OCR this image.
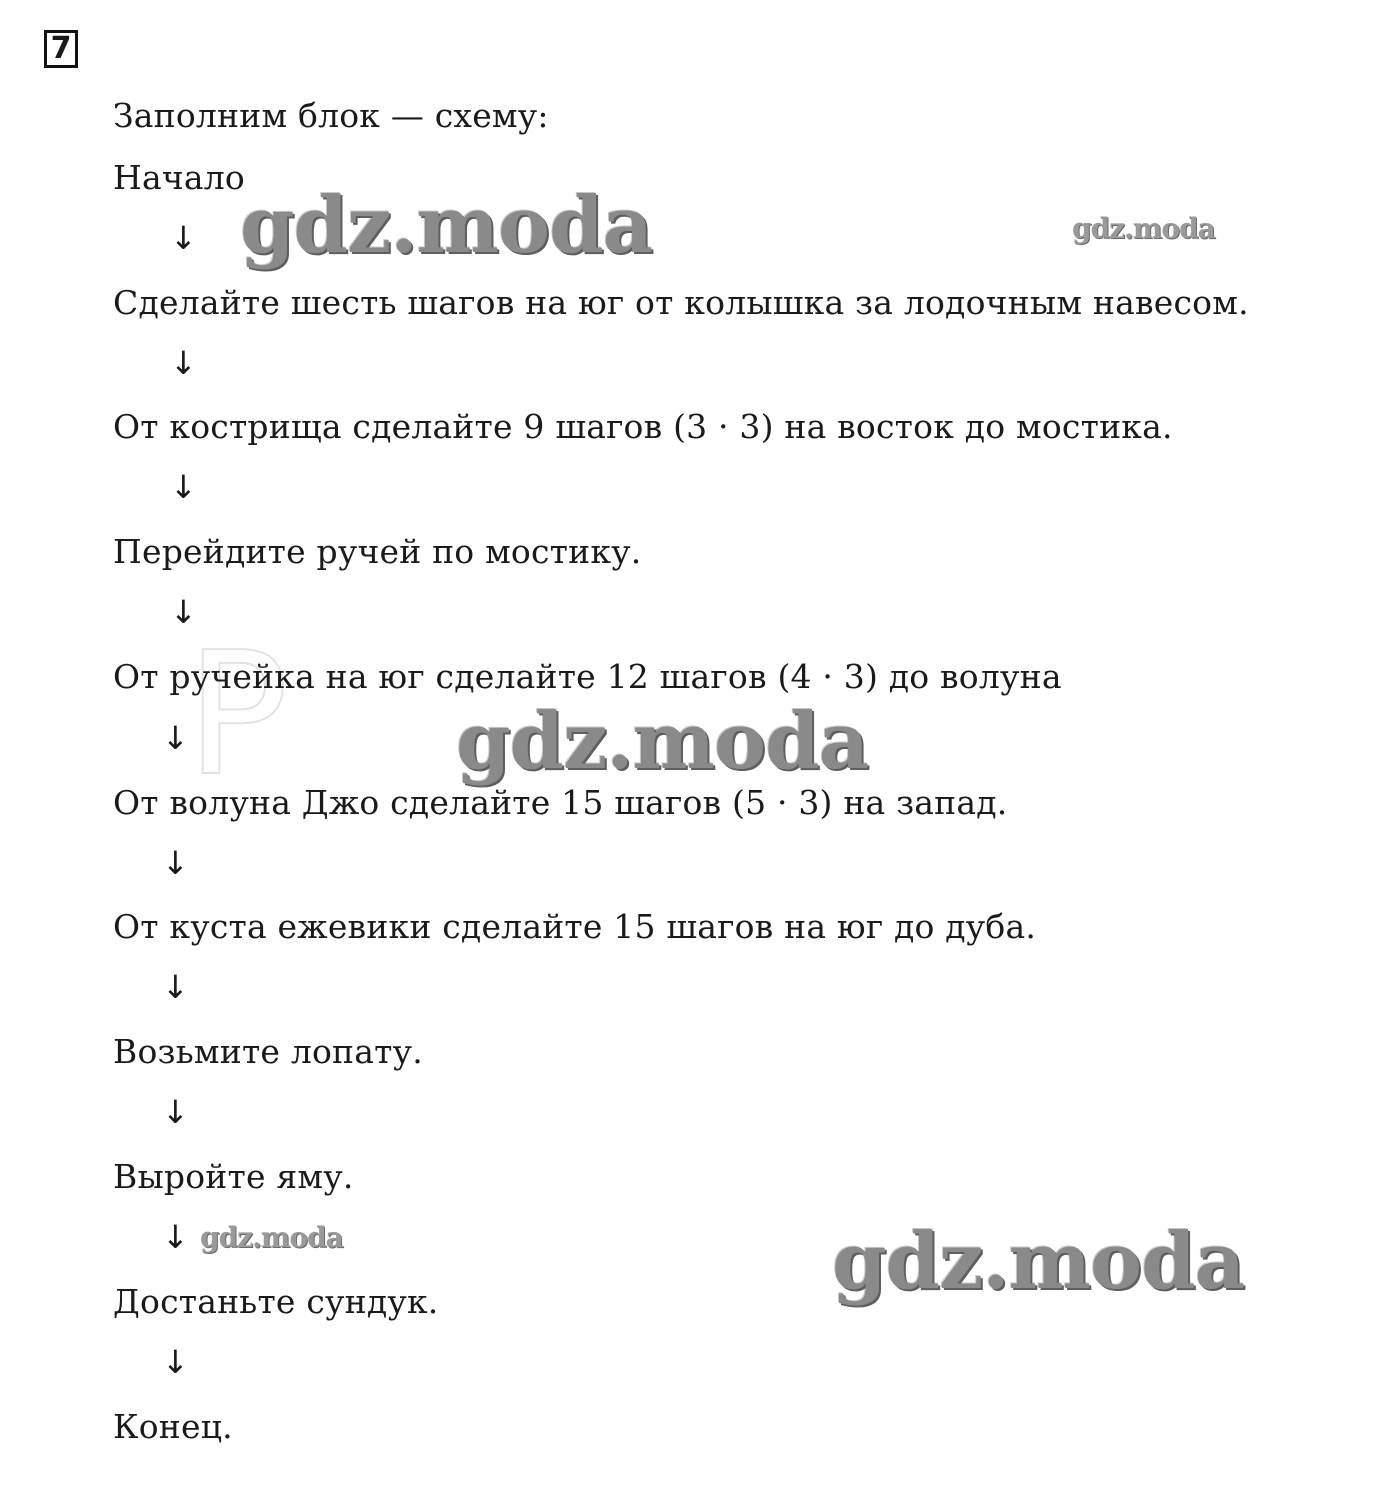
7
Заполним блок — схему:
Начало
↓
Сделайте шесть шагов на юг от колышка за лодочным навесом.
↓
От кострища сделайте 9 шагов (3 · 3) на восток до мостика.
↓
Перейдите ручей по мостику.
↓
P
От ручейка на юг сделайте 12 шагов (4 · 3) до волуна
↓
От волуна Джо сделайте 15 шагов (5 · 3) на запад.
↓
От куста ежевики сделайте 15 шагов на юг до дуба.
↓
Возьмите лопату.
↓
Выройте яму.
↓
Достаньте сундук.
↓
Конец.
gdz.moda	gdz.moda
gdz.moda
gdz.moda	gdz.moda
